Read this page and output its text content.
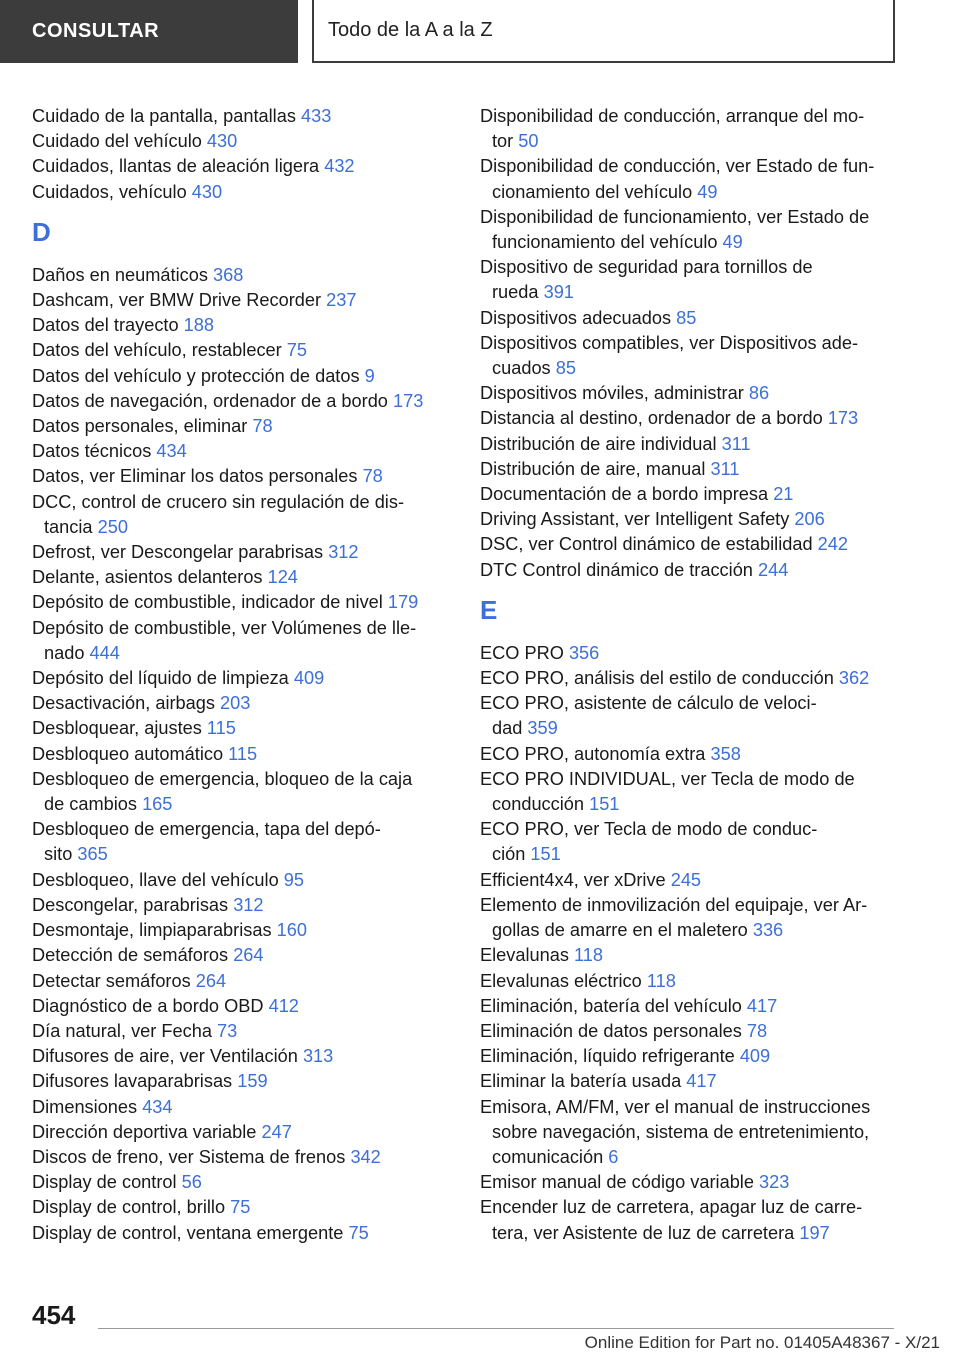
CONSULTAR	Todo de la A a la Z
Cuidado de la pantalla, pantallas 433
Cuidado del vehículo 430
Cuidados, llantas de aleación ligera 432
Cuidados, vehículo 430
D
Daños en neumáticos 368
Dashcam, ver BMW Drive Recorder 237
Datos del trayecto 188
Datos del vehículo, restablecer 75
Datos del vehículo y protección de datos 9
Datos de navegación, ordenador de a bordo 173
Datos personales, eliminar 78
Datos técnicos 434
Datos, ver Eliminar los datos personales 78
DCC, control de crucero sin regulación de dis-
tancia 250
Defrost, ver Descongelar parabrisas 312
Delante, asientos delanteros 124
Depósito de combustible, indicador de nivel 179
Depósito de combustible, ver Volúmenes de lle-
nado 444
Depósito del líquido de limpieza 409
Desactivación, airbags 203
Desbloquear, ajustes 115
Desbloqueo automático 115
Desbloqueo de emergencia, bloqueo de la caja
de cambios 165
Desbloqueo de emergencia, tapa del depó-
sito 365
Desbloqueo, llave del vehículo 95
Descongelar, parabrisas 312
Desmontaje, limpiaparabrisas 160
Detección de semáforos 264
Detectar semáforos 264
Diagnóstico de a bordo OBD 412
Día natural, ver Fecha 73
Difusores de aire, ver Ventilación 313
Difusores lavaparabrisas 159
Dimensiones 434
Dirección deportiva variable 247
Discos de freno, ver Sistema de frenos 342
Display de control 56
Display de control, brillo 75
Display de control, ventana emergente 75
Disponibilidad de conducción, arranque del mo-
tor 50
Disponibilidad de conducción, ver Estado de fun-
cionamiento del vehículo 49
Disponibilidad de funcionamiento, ver Estado de
funcionamiento del vehículo 49
Dispositivo de seguridad para tornillos de
rueda 391
Dispositivos adecuados 85
Dispositivos compatibles, ver Dispositivos ade-
cuados 85
Dispositivos móviles, administrar 86
Distancia al destino, ordenador de a bordo 173
Distribución de aire individual 311
Distribución de aire, manual 311
Documentación de a bordo impresa 21
Driving Assistant, ver Intelligent Safety 206
DSC, ver Control dinámico de estabilidad 242
DTC Control dinámico de tracción 244
E
ECO PRO 356
ECO PRO, análisis del estilo de conducción 362
ECO PRO, asistente de cálculo de veloci-
dad 359
ECO PRO, autonomía extra 358
ECO PRO INDIVIDUAL, ver Tecla de modo de
conducción 151
ECO PRO, ver Tecla de modo de conduc-
ción 151
Efficient4x4, ver xDrive 245
Elemento de inmovilización del equipaje, ver Ar-
gollas de amarre en el maletero 336
Elevalunas 118
Elevalunas eléctrico 118
Eliminación, batería del vehículo 417
Eliminación de datos personales 78
Eliminación, líquido refrigerante 409
Eliminar la batería usada 417
Emisora, AM/FM, ver el manual de instrucciones
sobre navegación, sistema de entretenimiento,
comunicación 6
Emisor manual de código variable 323
Encender luz de carretera, apagar luz de carre-
tera, ver Asistente de luz de carretera 197
454
Online Edition for Part no. 01405A48367 - X/21
